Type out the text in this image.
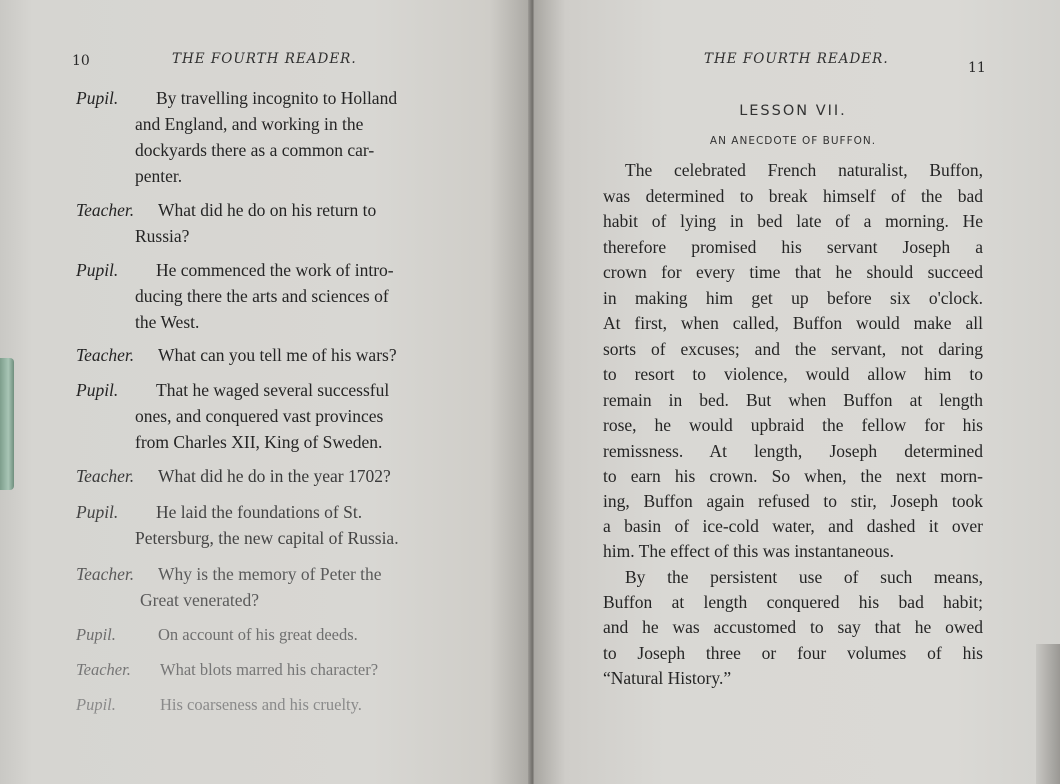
10	THE FOURTH READER.
Pupil. By travelling incognito to Holland
and England, and working in the
dockyards there as a common car-
penter.
Teacher. What did he do on his return to
Russia?
Pupil. He commenced the work of intro-
ducing there the arts and sciences of
the West.
Teacher. What can you tell me of his wars?
Pupil. That he waged several successful
ones, and conquered vast provinces
from Charles XII, King of Sweden.
Teacher. What did he do in the year 1702?
Pupil. He laid the foundations of St.
Petersburg, the new capital of Russia.
Teacher. Why is the memory of Peter the
Great venerated?
Pupil.	On account of his great deeds.
Teacher. What blots marred his character?
Pupil.	His coarseness and his cruelty.
THE FOURTH READER.
11
LESSON VII.
AN ANECDOTE OF BUFFON.
The celebrated French naturalist, Buffon,
was determined to break himself of the bad
habit of lying in bed late of a morning. He
therefore promised his servant Joseph a
crown for every time that he should succeed
in making him get up before six o'clock.
At first, when called, Buffon would make all
sorts of excuses; and the servant, not daring
to resort to violence, would allow him to
remain in bed. But when Buffon at length
rose, he would upbraid the fellow for his
remissness. At length, Joseph determined
to earn his crown. So when, the next morn-
ing, Buffon again refused to stir, Joseph took
a basin of ice-cold water, and dashed it over
him. The effect of this was instantaneous.
By the persistent use of such means,
Buffon at length conquered his bad habit;
and he was accustomed to say that he owed
to Joseph three or four volumes of his
“Natural History.”
